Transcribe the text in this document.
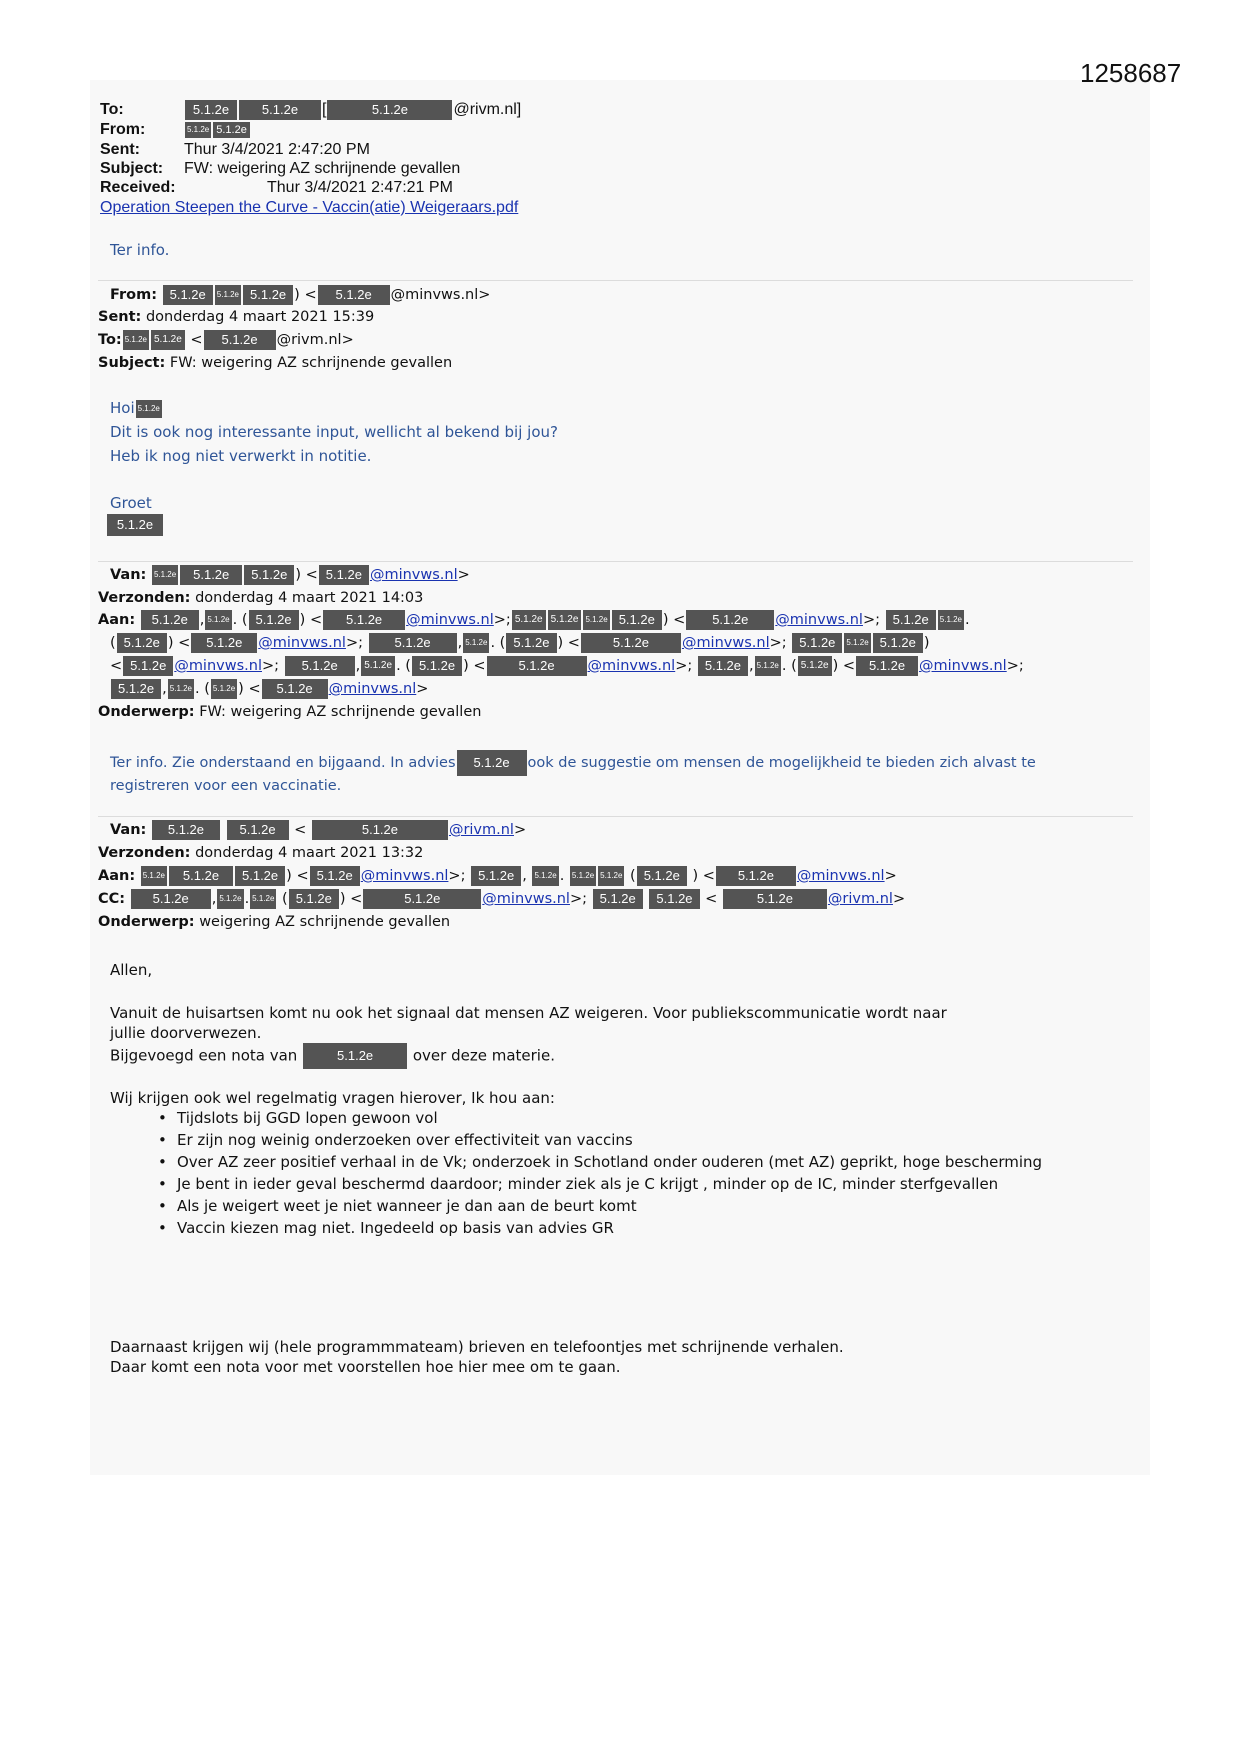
1258687
To:	5.1.2e	5.1.2e [	5.1.2e	@rivm.nl]
From:	5.1.2e 5.1.2e
Sent:	Thur 3/4/2021 2:47:20 PM
Subject: FW: weigering AZ schrijnende gevallen
Received:	Thur 3/4/2021 2:47:21 PM
Operation Steepen the Curve - Vaccin(atie) Weigeraars.pdf
Ter info.
From: 5.1.2e 5.1.2e 5.1.2e ) < 5.1.2e @minvws.nl>
Sent: donderdag 4 maart 2021 15:39
To: 5.1.2e 5.1.2e < 5.1.2e @rivm.nl>
Subject: FW: weigering AZ schrijnende gevallen
Hoi 5.1.2e
Dit is ook nog interessante input, wellicht al bekend bij jou?
Heb ik nog niet verwerkt in notitie.
Groet
5.1.2e
Van: 5.1.2e 5.1.2e 5.1.2e ) < 5.1.2e @minvws.nl>
Verzonden: donderdag 4 maart 2021 14:03
Aan: 5.1.2e , 5.1.2e . ( 5.1.2e ) < 5.1.2e @minvws.nl>; 5.1.2e 5.1.2e 5.1.2e 5.1.2e ) < 5.1.2e @minvws.nl>; 5.1.2e 5.1.2e .
( 5.1.2e ) < 5.1.2e @minvws.nl>; 5.1.2e , 5.1.2e . ( 5.1.2e ) <	5.1.2e @minvws.nl>; 5.1.2e 5.1.2e 5.1.2e )
< 5.1.2e @minvws.nl>; 5.1.2e , 5.1.2e . ( 5.1.2e ) <	5.1.2e @minvws.nl>; 5.1.2e , 5.1.2e . ( 5.1.2e ) < 5.1.2e @minvws.nl>;
5.1.2e , 5.1.2e . ( 5.1.2e ) < 5.1.2e @minvws.nl>
Onderwerp: FW: weigering AZ schrijnende gevallen
Ter info. Zie onderstaand en bijgaand. In advies 5.1.2e ook de suggestie om mensen de mogelijkheid te bieden zich alvast te
registreren voor een vaccinatie.
Van: 5.1.2e	5.1.2e <	5.1.2e	@rivm.nl>
Verzonden: donderdag 4 maart 2021 13:32
Aan: 5.1.2e 5.1.2e 5.1.2e ) < 5.1.2e @minvws.nl>; 5.1.2e , 5.1.2e . 5.1.2e 5.1.2e ( 5.1.2e ) < 5.1.2e @minvws.nl>
CC: 5.1.2e , 5.1.2e . 5.1.2e ( 5.1.2e ) <	5.1.2e	@minvws.nl>; 5.1.2e 5.1.2e <	5.1.2e @rivm.nl>
Onderwerp: weigering AZ schrijnende gevallen
Allen,
Vanuit de huisartsen komt nu ook het signaal dat mensen AZ weigeren. Voor publiekscommunicatie wordt naar
jullie doorverwezen.
Bijgevoegd een nota van	5.1.2e	over deze materie.
Wij krijgen ook wel regelmatig vragen hierover, Ik hou aan:
• Tijdslots bij GGD lopen gewoon vol
• Er zijn nog weinig onderzoeken over effectiviteit van vaccins
• Over AZ zeer positief verhaal in de Vk; onderzoek in Schotland onder ouderen (met AZ) geprikt, hoge bescherming
• Je bent in ieder geval beschermd daardoor; minder ziek als je C krijgt , minder op de IC, minder sterfgevallen
• Als je weigert weet je niet wanneer je dan aan de beurt komt
• Vaccin kiezen mag niet. Ingedeeld op basis van advies GR
Daarnaast krijgen wij (hele programmmateam) brieven en telefoontjes met schrijnende verhalen.
Daar komt een nota voor met voorstellen hoe hier mee om te gaan.
